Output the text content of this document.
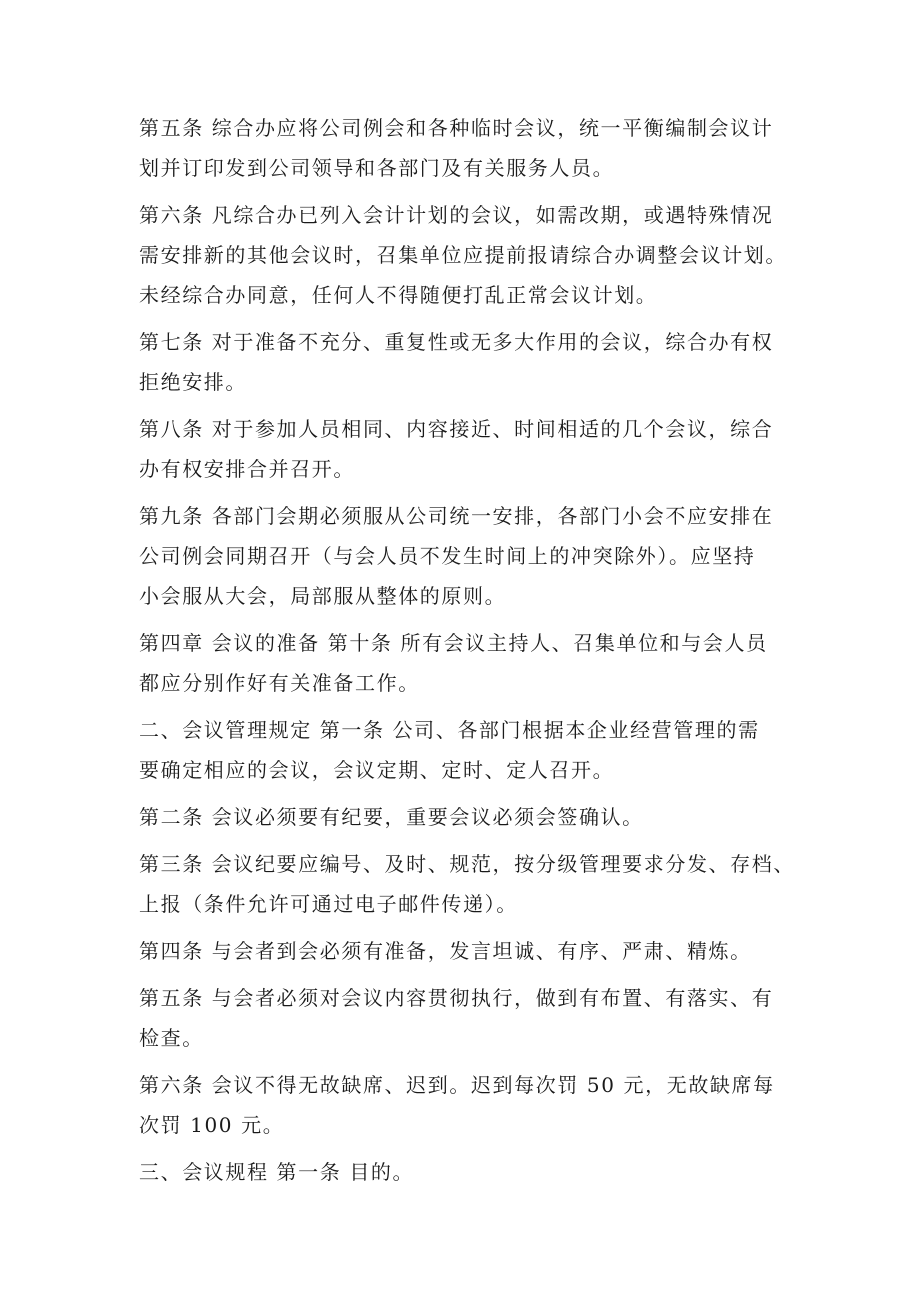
第五条 综合办应将公司例会和各种临时会议，统一平衡编制会议计
划并订印发到公司领导和各部门及有关服务人员。
第六条 凡综合办已列入会计计划的会议，如需改期，或遇特殊情况
需安排新的其他会议时，召集单位应提前报请综合办调整会议计划。
未经综合办同意，任何人不得随便打乱正常会议计划。
第七条 对于准备不充分、重复性或无多大作用的会议，综合办有权
拒绝安排。
第八条 对于参加人员相同、内容接近、时间相适的几个会议，综合
办有权安排合并召开。
第九条 各部门会期必须服从公司统一安排，各部门小会不应安排在
公司例会同期召开（与会人员不发生时间上的冲突除外）。应坚持
小会服从大会，局部服从整体的原则。
第四章 会议的准备 第十条 所有会议主持人、召集单位和与会人员
都应分别作好有关准备工作。
二、会议管理规定 第一条 公司、各部门根据本企业经营管理的需
要确定相应的会议，会议定期、定时、定人召开。
第二条 会议必须要有纪要，重要会议必须会签确认。
第三条 会议纪要应编号、及时、规范，按分级管理要求分发、存档、
上报（条件允许可通过电子邮件传递）。
第四条 与会者到会必须有准备，发言坦诚、有序、严肃、精炼。
第五条 与会者必须对会议内容贯彻执行，做到有布置、有落实、有
检查。
第六条 会议不得无故缺席、迟到。迟到每次罚 50 元，无故缺席每
次罚 100 元。
三、会议规程 第一条 目的。
